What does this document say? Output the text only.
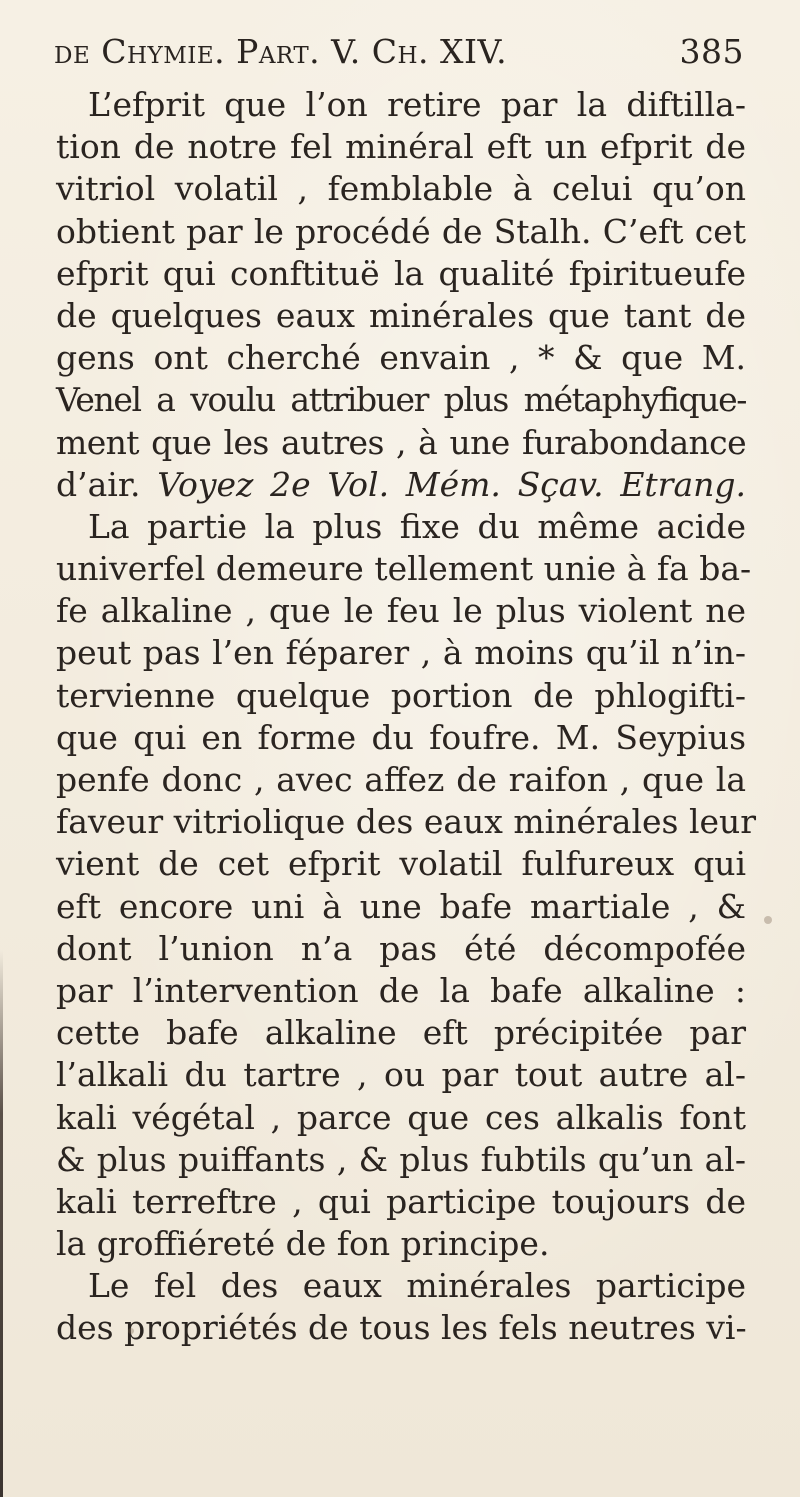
de Chymie. Part. V. Ch. XIV.	385
L’efprit que l’on retire par la diftilla-
tion de notre fel minéral eft un efprit de
vitriol volatil , femblable à celui qu’on
obtient par le procédé de Stalh. C’eft cet
efprit qui conftituë la qualité fpiritueufe
de quelques eaux minérales que tant de
gens ont cherché envain , * & que M.
Venel a voulu attribuer plus métaphyfique-
ment que les autres , à une furabondance
d’air. Voyez 2e Vol. Mém. Sçav. Etrang.
La partie la plus fixe du même acide
univerfel demeure tellement unie à fa ba-
fe alkaline , que le feu le plus violent ne
peut pas l’en féparer , à moins qu’il n’in-
tervienne quelque portion de phlogifti-
que qui en forme du foufre. M. Seypius
penfe donc , avec affez de raifon , que la
faveur vitriolique des eaux minérales leur
vient de cet efprit volatil fulfureux qui
eft encore uni à une bafe martiale , &
dont l’union n’a pas été décompofée
par l’intervention de la bafe alkaline :
cette bafe alkaline eft précipitée par
l’alkali du tartre , ou par tout autre al-
kali végétal , parce que ces alkalis font
& plus puiffants , & plus fubtils qu’un al-
kali terreftre , qui participe toujours de
la groffiéreté de fon principe.
Le fel des eaux minérales participe
des propriétés de tous les fels neutres vi-
